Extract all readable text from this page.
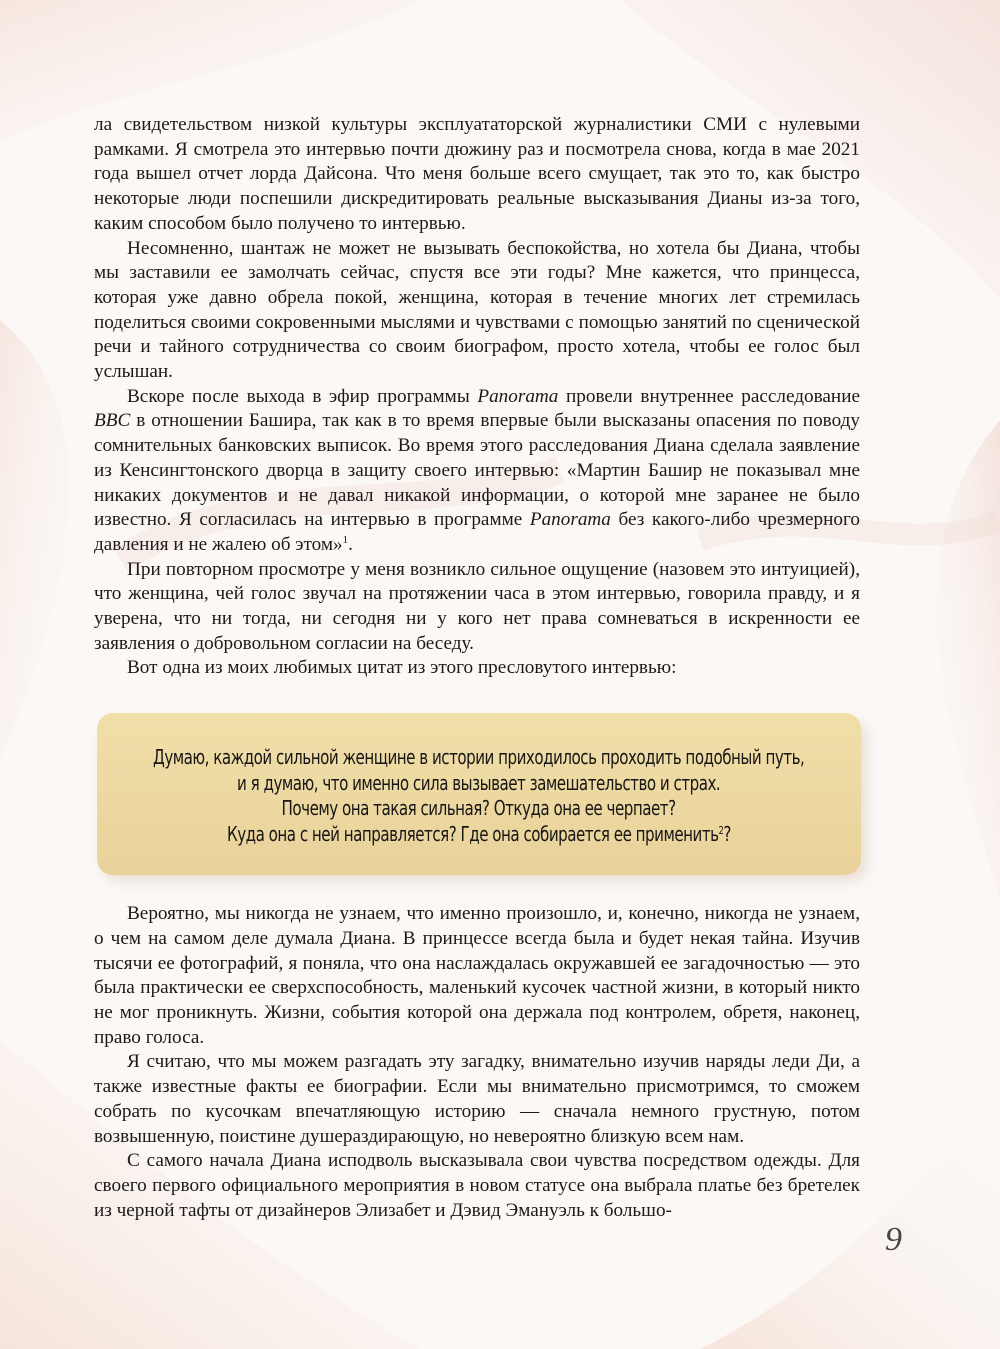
ла свидетельством низкой культуры эксплуататорской журналистики СМИ с нулевыми рамками. Я смотрела это интервью почти дюжину раз и посмотрела снова, когда в мае 2021 года вышел отчет лорда Дайсона. Что меня больше всего смущает, так это то, как быстро некоторые люди поспешили дискредитировать реальные высказывания Дианы из-за того, каким способом было получено то интервью.

Несомненно, шантаж не может не вызывать беспокойства, но хотела бы Диана, чтобы мы заставили ее замолчать сейчас, спустя все эти годы? Мне кажется, что принцесса, которая уже давно обрела покой, женщина, которая в течение многих лет стремилась поделиться своими сокровенными мыслями и чувствами с помощью занятий по сценической речи и тайного сотрудничества со своим биографом, просто хотела, чтобы ее голос был услышан.

Вскоре после выхода в эфир программы Panorama провели внутреннее расследование BBC в отношении Башира, так как в то время впервые были высказаны опасения по поводу сомнительных банковских выписок. Во время этого расследования Диана сделала заявление из Кенсингтонского дворца в защиту своего интервью: «Мартин Башир не показывал мне никаких документов и не давал никакой информации, о которой мне заранее не было известно. Я согласилась на интервью в программе Panorama без какого-либо чрезмерного давления и не жалею об этом»$^1$.

При повторном просмотре у меня возникло сильное ощущение (назовем это интуицией), что женщина, чей голос звучал на протяжении часа в этом интервью, говорила правду, и я уверена, что ни тогда, ни сегодня ни у кого нет права сомневаться в искренности ее заявления о добровольном согласии на беседу.

Вот одна из моих любимых цитат из этого пресловутого интервью:

Думаю, каждой сильной женщине в истории приходилось проходить подобный путь,
и я думаю, что именно сила вызывает замешательство и страх.
Почему она такая сильная? Откуда она ее черпает?
Куда она с ней направляется? Где она собирается ее применить$^2$?

Вероятно, мы никогда не узнаем, что именно произошло, и, конечно, никогда не узнаем, о чем на самом деле думала Диана. В принцессе всегда была и будет некая тайна. Изучив тысячи ее фотографий, я поняла, что она наслаждалась окружавшей ее загадочностью — это была практически ее сверхспособность, маленький кусочек частной жизни, в который никто не мог проникнуть. Жизни, события которой она держала под контролем, обретя, наконец, право голоса.

Я считаю, что мы можем разгадать эту загадку, внимательно изучив наряды леди Ди, а также известные факты ее биографии. Если мы внимательно присмотримся, то сможем собрать по кусочкам впечатляющую историю — сначала немного грустную, потом возвышенную, поистине душераздирающую, но невероятно близкую всем нам.

С самого начала Диана исподволь высказывала свои чувства посредством одежды. Для своего первого официального мероприятия в новом статусе она выбрала платье без бретелек из черной тафты от дизайнеров Элизабет и Дэвид Эмануэль к большо-

9
